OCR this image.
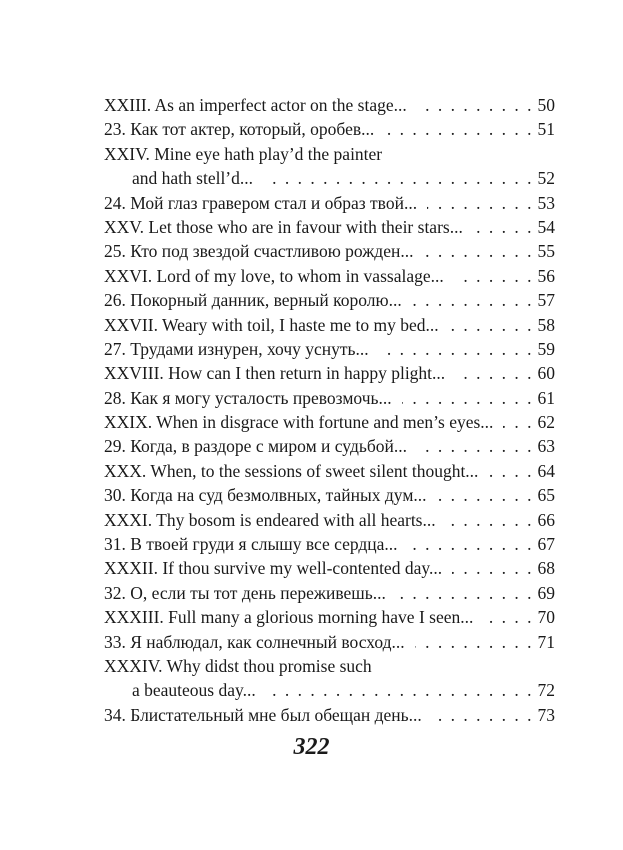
XXIII. As an imperfect actor on the stage... . . .	50
23. Как тот актер, который, оробев... . . .	51
XXIV. Mine eye hath play’d the painter
and hath stell’d... . . .	52
24. Мой глаз гравером стал и образ твой... . . .	53
XXV. Let those who are in favour with their stars... . . .	54
25. Кто под звездой счастливою рожден... . . .	55
XXVI. Lord of my love, to whom in vassalage... . . .	56
26. Покорный данник, верный королю... . . .	57
XXVII. Weary with toil, I haste me to my bed... . . .	58
27. Трудами изнурен, хочу уснуть... . . .	59
XXVIII. How can I then return in happy plight... . . .	60
28. Как я могу усталость превозмочь... . . .	61
XXIX. When in disgrace with fortune and men’s eyes... . . .	62
29. Когда, в раздоре с миром и судьбой... . . .	63
XXX. When, to the sessions of sweet silent thought... . . .	64
30. Когда на суд безмолвных, тайных дум... . . .	65
XXXI. Thy bosom is endeared with all hearts... . . .	66
31. В твоей груди я слышу все сердца... . . .	67
XXXII. If thou survive my well-contented day... . . .	68
32. О, если ты тот день переживешь... . . .	69
XXXIII. Full many a glorious morning have I seen... . . .	70
33. Я наблюдал, как солнечный восход... . . .	71
XXXIV. Why didst thou promise such
a beauteous day... . . .	72
34. Блистательный мне был обещан день... . . .	73
322
